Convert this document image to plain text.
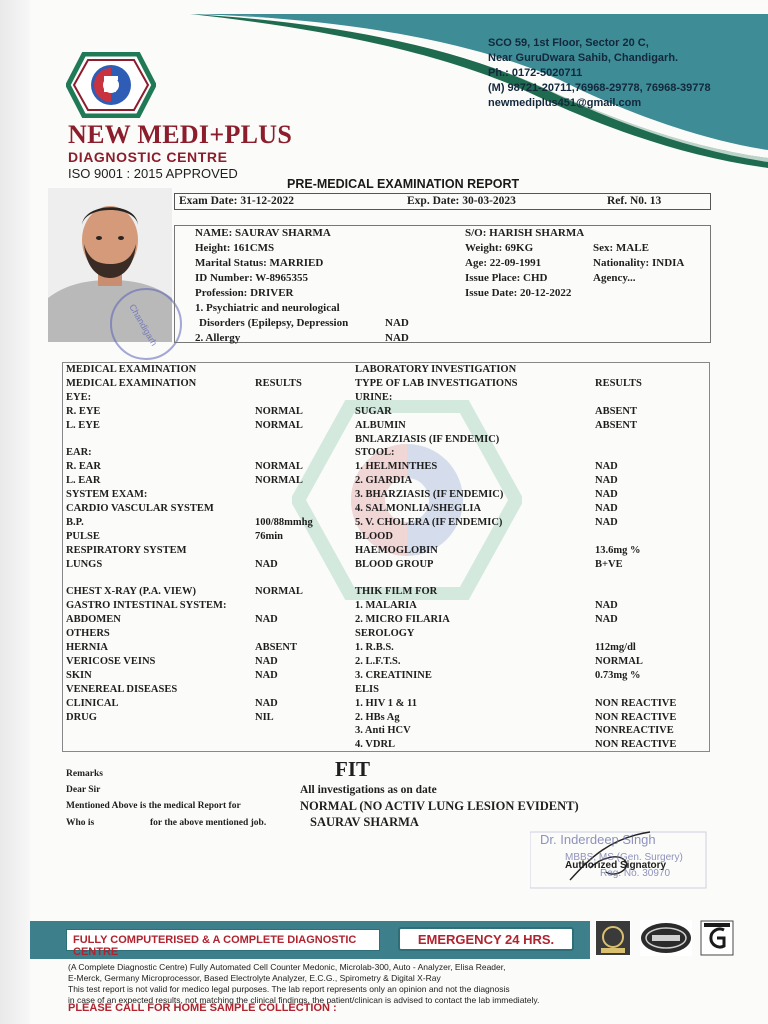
NEW MEDI+PLUS
DIAGNOSTIC CENTRE
ISO 9001 : 2015 APPROVED
SCO 59, 1st Floor, Sector 20 C,
Near GuruDwara Sahib, Chandigarh.
Ph.: 0172-5020711
(M) 98721-20711,76968-29778, 76968-39778
newmediplus451@gmail.com
PRE-MEDICAL EXAMINATION REPORT
Exam Date: 31-12-2022	Exp. Date: 30-03-2023	Ref. N0. 13
Chandigarh
NAME: SAURAV SHARMA	S/O: HARISH SHARMA
Height: 161CMS	Weight: 69KG	Sex: MALE
Marital Status: MARRIED	Age: 22-09-1991	Nationality: INDIA
ID Number: W-8965355	Issue Place: CHD	Agency...
Profession: DRIVER	Issue Date: 20-12-2022
1. Psychiatric and neurological
Disorders (Epilepsy, Depression	NAD
2. Allergy	NAD
MEDICAL EXAMINATION
MEDICAL EXAMINATION	RESULTS
EYE:
R. EYE	NORMAL
L. EYE	NORMAL
EAR:
R. EAR	NORMAL
L. EAR	NORMAL
SYSTEM EXAM:
CARDIO VASCULAR SYSTEM
B.P.	100/88mmhg
PULSE	76min
RESPIRATORY SYSTEM
LUNGS	NAD
CHEST X-RAY (P.A. VIEW)	NORMAL
GASTRO INTESTINAL SYSTEM:
ABDOMEN	NAD
OTHERS
HERNIA	ABSENT
VERICOSE VEINS	NAD
SKIN	NAD
VENEREAL DISEASES
CLINICAL	NAD
DRUG	NIL
LABORATORY INVESTIGATION
TYPE OF LAB INVESTIGATIONS	RESULTS
URINE:
SUGAR	ABSENT
ALBUMIN	ABSENT
BNLARZIASIS (IF ENDEMIC)
STOOL:
1. HELMINTHES	NAD
2. GIARDIA	NAD
3. BHARZIASIS (IF ENDEMIC)	NAD
4. SALMONLIA/SHEGLIA	NAD
5. V. CHOLERA (IF ENDEMIC)	NAD
BLOOD
HAEMOGLOBIN	13.6mg %
BLOOD GROUP	B+VE
THIK FILM FOR
1. MALARIA	NAD
2. MICRO FILARIA	NAD
SEROLOGY
1. R.B.S.	112mg/dl
2. L.F.T.S.	NORMAL
3. CREATININE	0.73mg %
ELIS
1. HIV 1 & 11	NON REACTIVE
2. HBs Ag	NON REACTIVE
3. Anti HCV	NONREACTIVE
4. VDRL	NON REACTIVE
FIT
Remarks
Dear Sir
Mentioned Above is the medical Report for
Who is	for the above mentioned job.
All investigations as on date
NORMAL (NO ACTIV LUNG LESION EVIDENT)
SAURAV SHARMA
Dr. Inderdeep Singh
MBBS, MS (Gen. Surgery)
Reg. No. 30970
Authorized Signatory
FULLY COMPUTERISED & A COMPLETE DIAGNOSTIC CENTRE
EMERGENCY 24 HRS.
(A Complete Diagnostic Centre) Fully Automated Cell Counter Medonic, Microlab-300, Auto - Analyzer, Elisa Reader,
E-Merck, Germany Microprocessor, Based Electrolyte Analyzer, E.C.G., Spirometry & Digital X-Ray
This test report is not valid for medico legal purposes. The lab report represents only an opinion and not the diagnosis
in case of an expected results, not matching the clinical findings, the patient/clinican is advised to contact the lab immediately.
PLEASE CALL FOR HOME SAMPLE COLLECTION :
